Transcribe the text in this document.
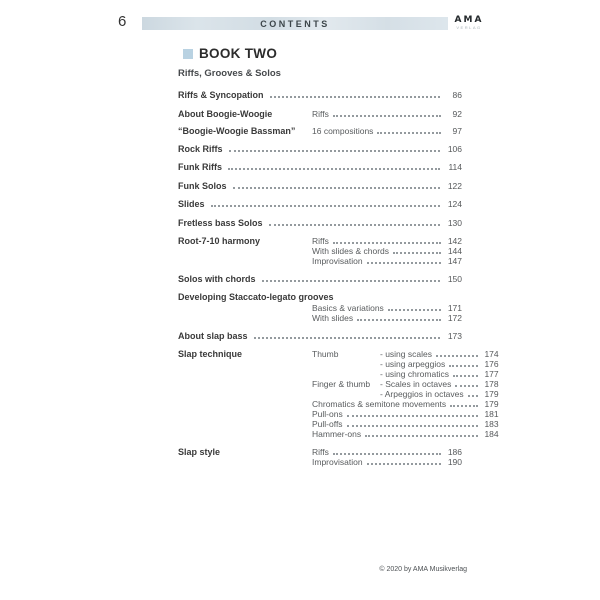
6	CONTENTS	AMA
VERLAG
BOOK TWO
Riffs, Grooves & Solos
Riffs & Syncopation	86
About Boogie-Woogie	Riffs	92
“Boogie-Woogie Bassman”	16 compositions	97
Rock Riffs	106
Funk Riffs	114
Funk Solos	122
Slides	124
Fretless bass Solos	130
Root-7-10 harmony	Riffs	142
With slides & chords	144
Improvisation	147
Solos with chords	150
Developing Staccato-legato grooves
Basics & variations	171
With slides	172
About slap bass	173
Slap technique	Thumb	- using scales	174
- using arpeggios	176
- using chromatics	177
Finger & thumb	- Scales in octaves	178
- Arpeggios in octaves	179
Chromatics & semitone movements	179
Pull-ons	181
Pull-offs	183
Hammer-ons	184
Slap style	Riffs	186
Improvisation	190
© 2020 by AMA Musikverlag
